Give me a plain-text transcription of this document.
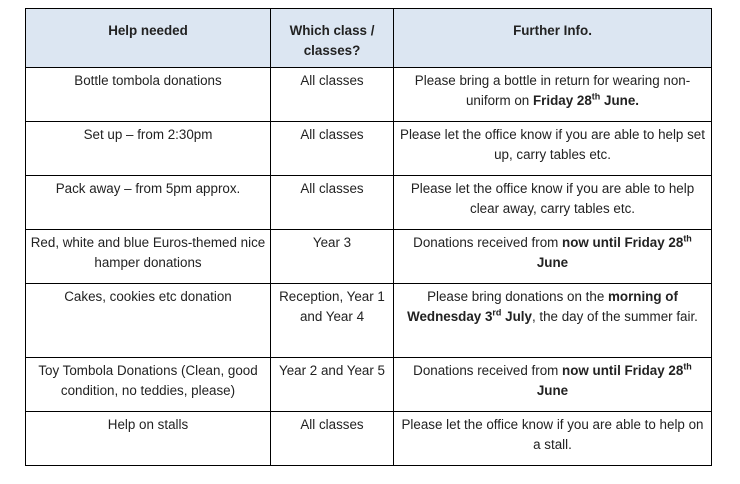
Help needed	Which class / classes?	Further Info.
Bottle tombola donations	All classes	Please bring a bottle in return for wearing non-uniform on Friday 28th June.
Set up – from 2:30pm	All classes	Please let the office know if you are able to help set up, carry tables etc.
Pack away – from 5pm approx.	All classes	Please let the office know if you are able to help clear away, carry tables etc.
Red, white and blue Euros-themed nice hamper donations	Year 3	Donations received from now until Friday 28th June
Cakes, cookies etc donation	Reception, Year 1 and Year 4	Please bring donations on the morning of Wednesday 3rd July, the day of the summer fair.
Toy Tombola Donations (Clean, good condition, no teddies, please)	Year 2 and Year 5	Donations received from now until Friday 28th June
Help on stalls	All classes	Please let the office know if you are able to help on a stall.
